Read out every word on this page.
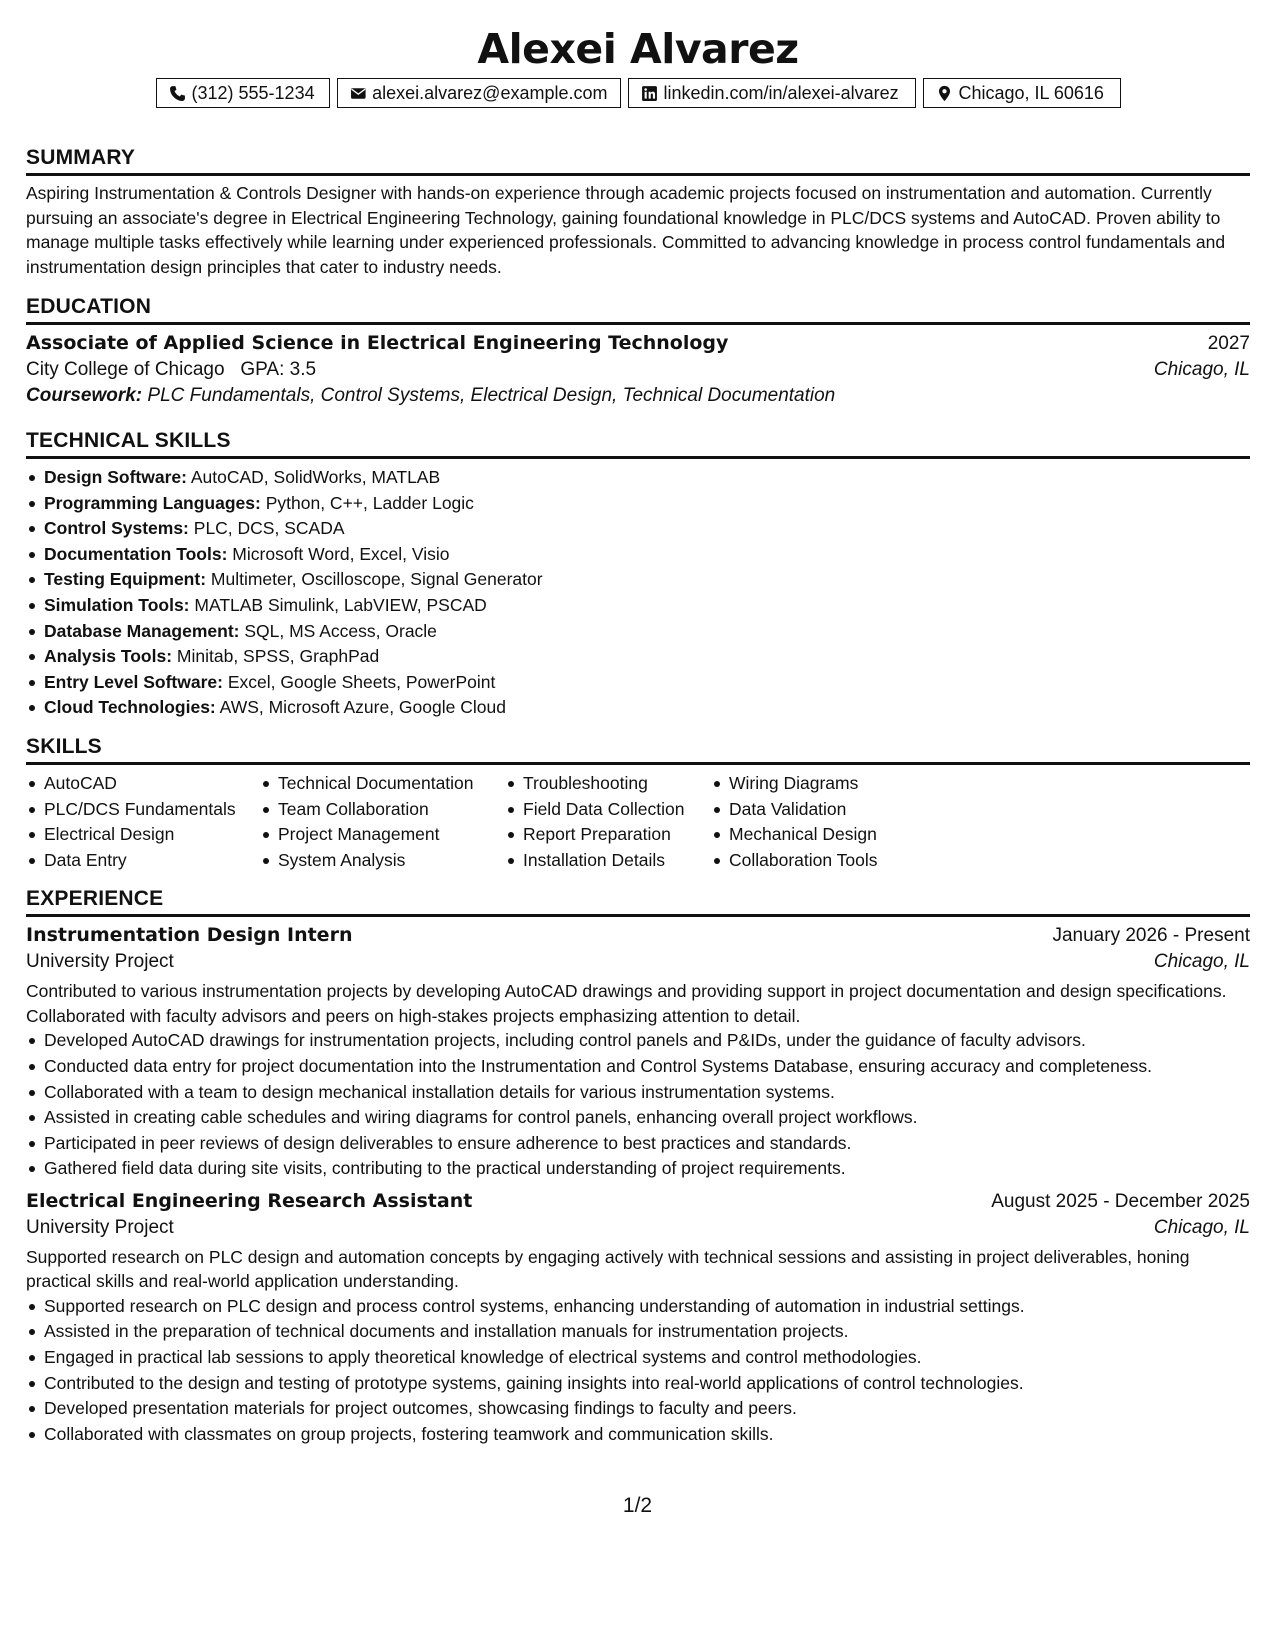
Alexei Alvarez
(312) 555-1234	alexei.alvarez@example.com	linkedin.com/in/alexei-alvarez	Chicago, IL 60616
SUMMARY
Aspiring Instrumentation & Controls Designer with hands-on experience through academic projects focused on instrumentation and automation. Currently pursuing an associate's degree in Electrical Engineering Technology, gaining foundational knowledge in PLC/DCS systems and AutoCAD. Proven ability to manage multiple tasks effectively while learning under experienced professionals. Committed to advancing knowledge in process control fundamentals and instrumentation design principles that cater to industry needs.
EDUCATION
Associate of Applied Science in Electrical Engineering Technology	2027
City College of Chicago GPA: 3.5	Chicago, IL
Coursework: PLC Fundamentals, Control Systems, Electrical Design, Technical Documentation
TECHNICAL SKILLS
Design Software: AutoCAD, SolidWorks, MATLAB
Programming Languages: Python, C++, Ladder Logic
Control Systems: PLC, DCS, SCADA
Documentation Tools: Microsoft Word, Excel, Visio
Testing Equipment: Multimeter, Oscilloscope, Signal Generator
Simulation Tools: MATLAB Simulink, LabVIEW, PSCAD
Database Management: SQL, MS Access, Oracle
Analysis Tools: Minitab, SPSS, GraphPad
Entry Level Software: Excel, Google Sheets, PowerPoint
Cloud Technologies: AWS, Microsoft Azure, Google Cloud
SKILLS
AutoCAD
PLC/DCS Fundamentals
Electrical Design
Data Entry
Technical Documentation
Team Collaboration
Project Management
System Analysis
Troubleshooting
Field Data Collection
Report Preparation
Installation Details
Wiring Diagrams
Data Validation
Mechanical Design
Collaboration Tools
EXPERIENCE
Instrumentation Design Intern	January 2026 - Present
University Project	Chicago, IL
Contributed to various instrumentation projects by developing AutoCAD drawings and providing support in project documentation and design specifications. Collaborated with faculty advisors and peers on high-stakes projects emphasizing attention to detail.
Developed AutoCAD drawings for instrumentation projects, including control panels and P&IDs, under the guidance of faculty advisors.
Conducted data entry for project documentation into the Instrumentation and Control Systems Database, ensuring accuracy and completeness.
Collaborated with a team to design mechanical installation details for various instrumentation systems.
Assisted in creating cable schedules and wiring diagrams for control panels, enhancing overall project workflows.
Participated in peer reviews of design deliverables to ensure adherence to best practices and standards.
Gathered field data during site visits, contributing to the practical understanding of project requirements.
Electrical Engineering Research Assistant	August 2025 - December 2025
University Project	Chicago, IL
Supported research on PLC design and automation concepts by engaging actively with technical sessions and assisting in project deliverables, honing practical skills and real-world application understanding.
Supported research on PLC design and process control systems, enhancing understanding of automation in industrial settings.
Assisted in the preparation of technical documents and installation manuals for instrumentation projects.
Engaged in practical lab sessions to apply theoretical knowledge of electrical systems and control methodologies.
Contributed to the design and testing of prototype systems, gaining insights into real-world applications of control technologies.
Developed presentation materials for project outcomes, showcasing findings to faculty and peers.
Collaborated with classmates on group projects, fostering teamwork and communication skills.
1/2
